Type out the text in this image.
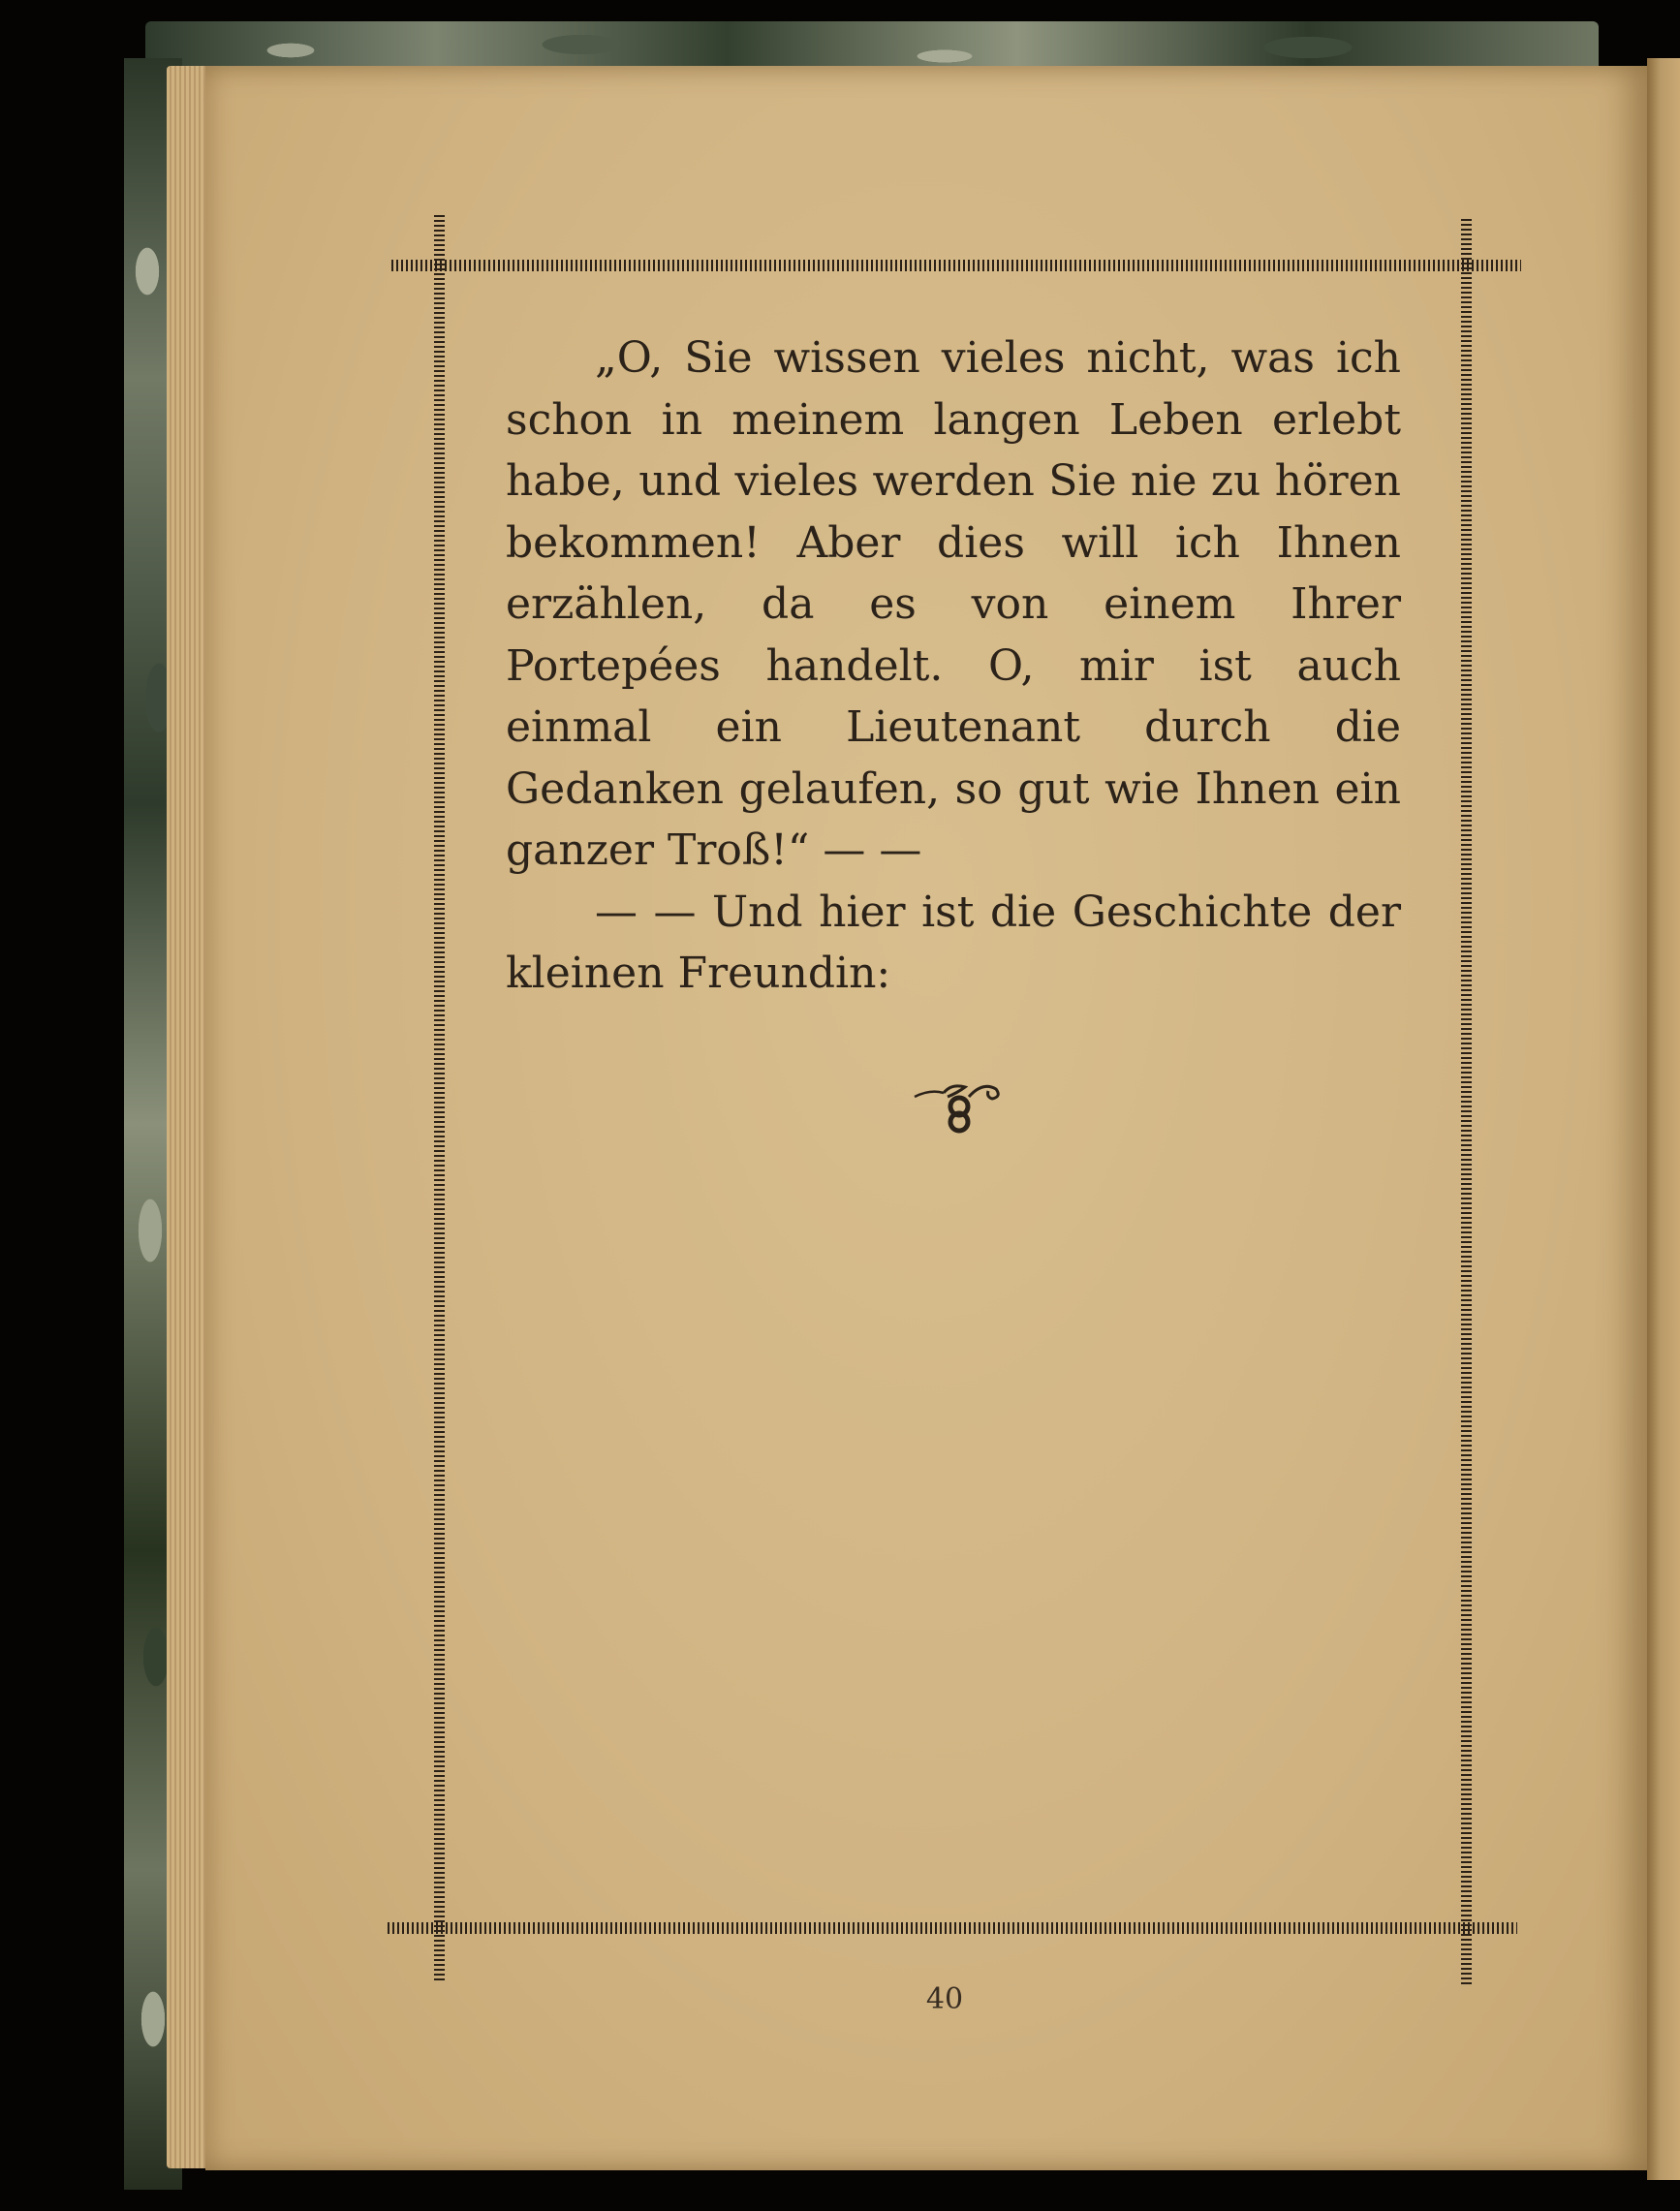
„O, Sie wissen vieles nicht, was ich schon in meinem langen Leben erlebt habe, und vieles werden Sie nie zu hören bekommen! Aber dies will ich Ihnen erzählen, da es von einem Ihrer Portepées handelt. O, mir ist auch einmal ein Lieutenant durch die Gedanken gelaufen, so gut wie Ihnen ein ganzer Troß!“ — —

— — Und hier ist die Geschichte der kleinen Freundin:

40
